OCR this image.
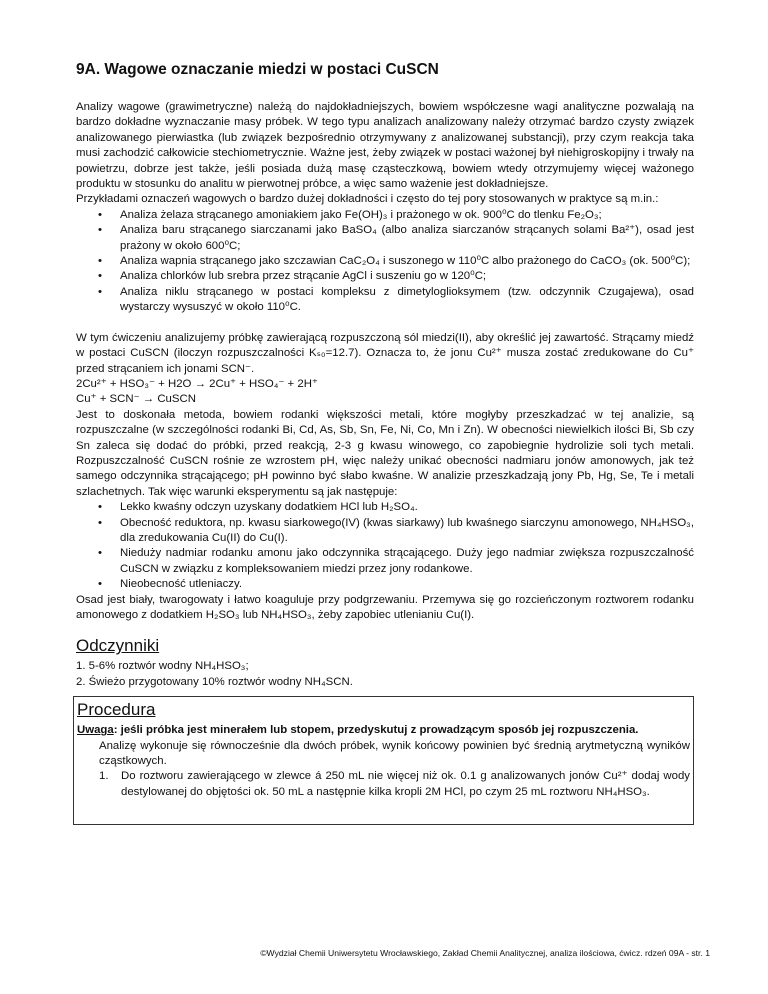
9A. Wagowe oznaczanie miedzi w postaci CuSCN

Analizy wagowe (grawimetryczne) należą do najdokładniejszych, bowiem współczesne wagi analityczne pozwalają na bardzo dokładne wyznaczanie masy próbek. W tego typu analizach analizowany należy otrzymać bardzo czysty związek analizowanego pierwiastka (lub związek bezpośrednio otrzymywany z analizowanej substancji), przy czym reakcja taka musi zachodzić całkowicie stechiometrycznie. Ważne jest, żeby związek w postaci ważonej był niehigroskopijny i trwały na powietrzu, dobrze jest także, jeśli posiada dużą masę cząsteczkową, bowiem wtedy otrzymujemy więcej ważonego produktu w stosunku do analitu w pierwotnej próbce, a więc samo ważenie jest dokładniejsze.

Przykładami oznaczeń wagowych o bardzo dużej dokładności i często do tej pory stosowanych w praktyce są m.in.:

• Analiza żelaza strącanego amoniakiem jako Fe(OH)₃ i prażonego w ok. 900⁰C do tlenku Fe₂O₃;
• Analiza baru strącanego siarczanami jako BaSO₄ (albo analiza siarczanów strącanych solami Ba²⁺), osad jest prażony w około 600⁰C;
• Analiza wapnia strącanego jako szczawian CaC₂O₄ i suszonego w 110⁰C albo prażonego do CaCO₃ (ok. 500⁰C);
• Analiza chlorków lub srebra przez strącanie AgCl i suszeniu go w 120⁰C;
• Analiza niklu strącanego w postaci kompleksu z dimetyloglioksymem (tzw. odczynnik Czugajewa), osad wystarczy wysuszyć w około 110⁰C.

W tym ćwiczeniu analizujemy próbkę zawierającą rozpuszczoną sól miedzi(II), aby określić jej zawartość. Strącamy miedź w postaci CuSCN (iloczyn rozpuszczalności Kₛ₀=12.7). Oznacza to, że jonu Cu²⁺ musza zostać zredukowane do Cu⁺ przed strącaniem ich jonami SCN⁻.

2Cu²⁺ + HSO₃⁻ + H2O → 2Cu⁺ + HSO₄⁻ + 2H⁺

Cu⁺ + SCN⁻ → CuSCN

Jest to doskonała metoda, bowiem rodanki większości metali, które mogłyby przeszkadzać w tej analizie, są rozpuszczalne (w szczególności rodanki Bi, Cd, As, Sb, Sn, Fe, Ni, Co, Mn i Zn). W obecności niewielkich ilości Bi, Sb czy Sn zaleca się dodać do próbki, przed reakcją, 2-3 g kwasu winowego, co zapobiegnie hydrolizie soli tych metali. Rozpuszczalność CuSCN rośnie ze wzrostem pH, więc należy unikać obecności nadmiaru jonów amonowych, jak też samego odczynnika strącającego; pH powinno być słabo kwaśne. W analizie przeszkadzają jony Pb, Hg, Se, Te i metali szlachetnych. Tak więc warunki eksperymentu są jak następuje:

• Lekko kwaśny odczyn uzyskany dodatkiem HCl lub H₂SO₄.
• Obecność reduktora, np. kwasu siarkowego(IV) (kwas siarkawy) lub kwaśnego siarczynu amonowego, NH₄HSO₃, dla zredukowania Cu(II) do Cu(I).
• Nieduży nadmiar rodanku amonu jako odczynnika strącającego. Duży jego nadmiar zwiększa rozpuszczalność CuSCN w związku z kompleksowaniem miedzi przez jony rodankowe.
• Nieobecność utleniaczy.

Osad jest biały, twarogowaty i łatwo koaguluje przy podgrzewaniu. Przemywa się go rozcieńczonym roztworem rodanku amonowego z dodatkiem H₂SO₃ lub NH₄HSO₃, żeby zapobiec utlenianiu Cu(I).

Odczynniki

1. 5-6% roztwór wodny NH₄HSO₃;

2. Świeżo przygotowany 10% roztwór wodny NH₄SCN.

Procedura

Uwaga: jeśli próbka jest minerałem lub stopem, przedyskutuj z prowadzącym sposób jej rozpuszczenia.

Analizę wykonuje się równocześnie dla dwóch próbek, wynik końcowy powinien być średnią arytmetyczną wyników cząstkowych.

1. Do roztworu zawierającego w zlewce á 250 mL nie więcej niż ok. 0.1 g analizowanych jonów Cu²⁺ dodaj wody destylowanej do objętości ok. 50 mL a następnie kilka kropli 2M HCl, po czym 25 mL roztworu NH₄HSO₃.
©Wydział Chemii Uniwersytetu Wrocławskiego, Zakład Chemii Analitycznej, analiza ilościowa, ćwicz. rdzeń 09A - str. 1
